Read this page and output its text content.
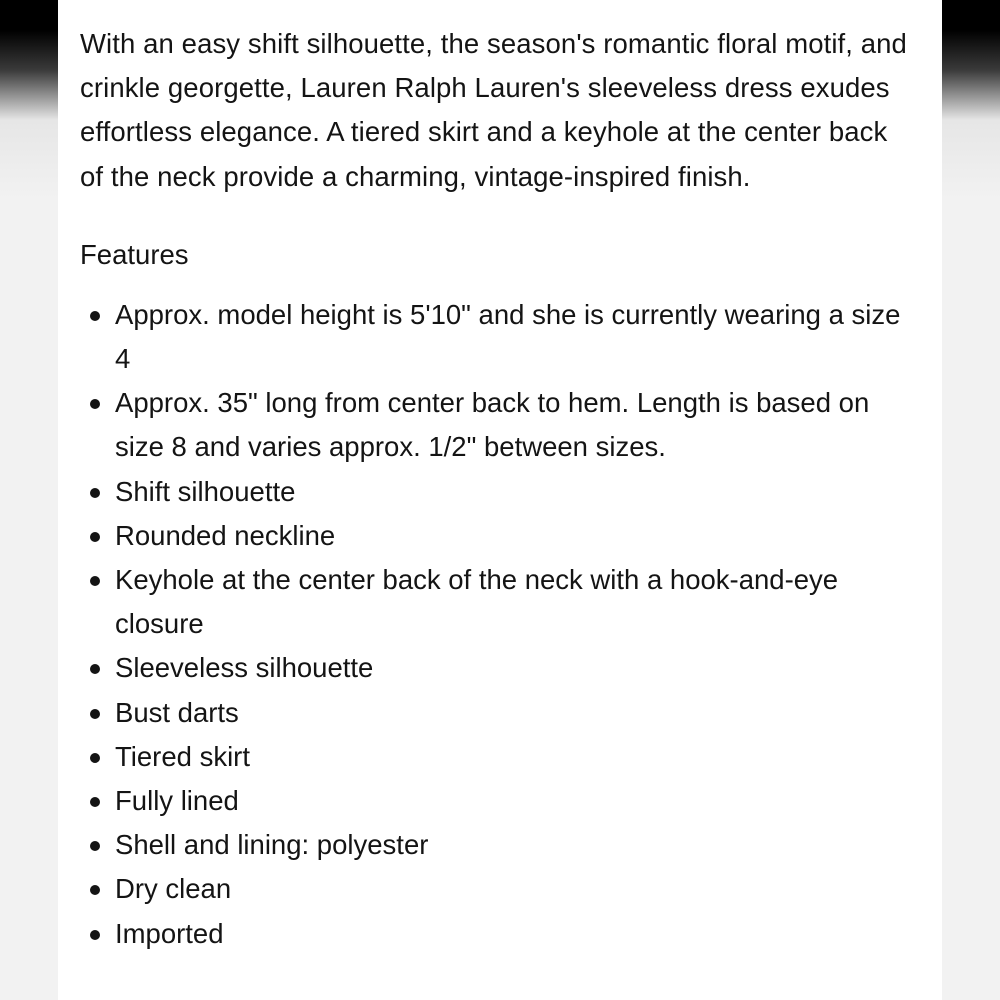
With an easy shift silhouette, the season's romantic floral motif, and crinkle georgette, Lauren Ralph Lauren's sleeveless dress exudes effortless elegance. A tiered skirt and a keyhole at the center back of the neck provide a charming, vintage-inspired finish.

Features
Approx. model height is 5'10" and she is currently wearing a size 4
Approx. 35" long from center back to hem. Length is based on size 8 and varies approx. 1/2" between sizes.
Shift silhouette
Rounded neckline
Keyhole at the center back of the neck with a hook-and-eye closure
Sleeveless silhouette
Bust darts
Tiered skirt
Fully lined
Shell and lining: polyester
Dry clean
Imported
